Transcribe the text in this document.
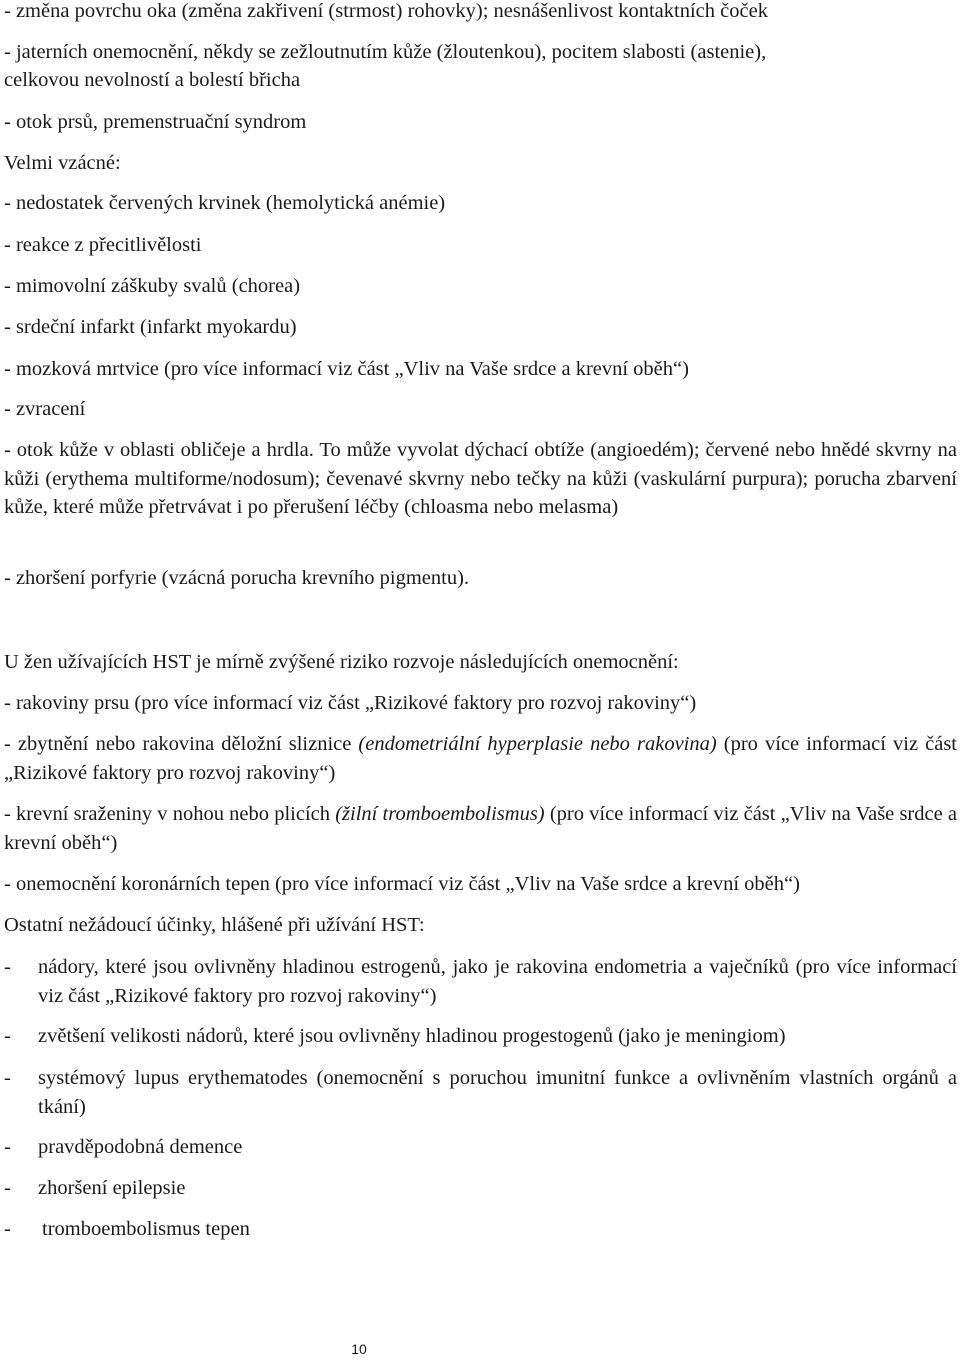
- změna povrchu oka (změna zakřivení (strmost) rohovky); nesnášenlivost kontaktních čoček
- jaterních onemocnění, někdy se zežloutnutím kůže (žloutenkou), pocitem slabosti (astenie),
celkovou nevolností a bolestí břicha
- otok prsů, premenstruační syndrom
Velmi vzácné:
- nedostatek červených krvinek (hemolytická anémie)
- reakce z přecitlivělosti
- mimovolní záškuby svalů (chorea)
- srdeční infarkt (infarkt myokardu)
- mozková mrtvice (pro více informací viz část „Vliv na Vaše srdce a krevní oběh“)
- zvracení
- otok kůže v oblasti obličeje a hrdla. To může vyvolat dýchací obtíže (angioedém); červené nebo hnědé skvrny na kůži (erythema multiforme/nodosum); čevenavé skvrny nebo tečky na kůži (vaskulární purpura); porucha zbarvení kůže, které může přetrvávat i po přerušení léčby (chloasma nebo melasma)
- zhoršení porfyrie (vzácná porucha krevního pigmentu).
U žen užívajících HST je mírně zvýšené riziko rozvoje následujících onemocnění:
- rakoviny prsu (pro více informací viz část „Rizikové faktory pro rozvoj rakoviny“)
- zbytnění nebo rakovina děložní sliznice (endometriální hyperplasie nebo rakovina) (pro více informací viz část „Rizikové faktory pro rozvoj rakoviny“)
- krevní sraženiny v nohou nebo plicích (žilní tromboembolismus) (pro více informací viz část „Vliv na Vaše srdce a krevní oběh“)
- onemocnění koronárních tepen (pro více informací viz část „Vliv na Vaše srdce a krevní oběh“)
Ostatní nežádoucí účinky, hlášené při užívání HST:
- nádory, které jsou ovlivněny hladinou estrogenů, jako je rakovina endometria a vaječníků (pro více informací viz část „Rizikové faktory pro rozvoj rakoviny“)
- zvětšení velikosti nádorů, které jsou ovlivněny hladinou progestogenů (jako je meningiom)
- systémový lupus erythematodes (onemocnění s poruchou imunitní funkce a ovlivněním vlastních orgánů a tkání)
- pravděpodobná demence
- zhoršení epilepsie
- tromboembolismus tepen
10
